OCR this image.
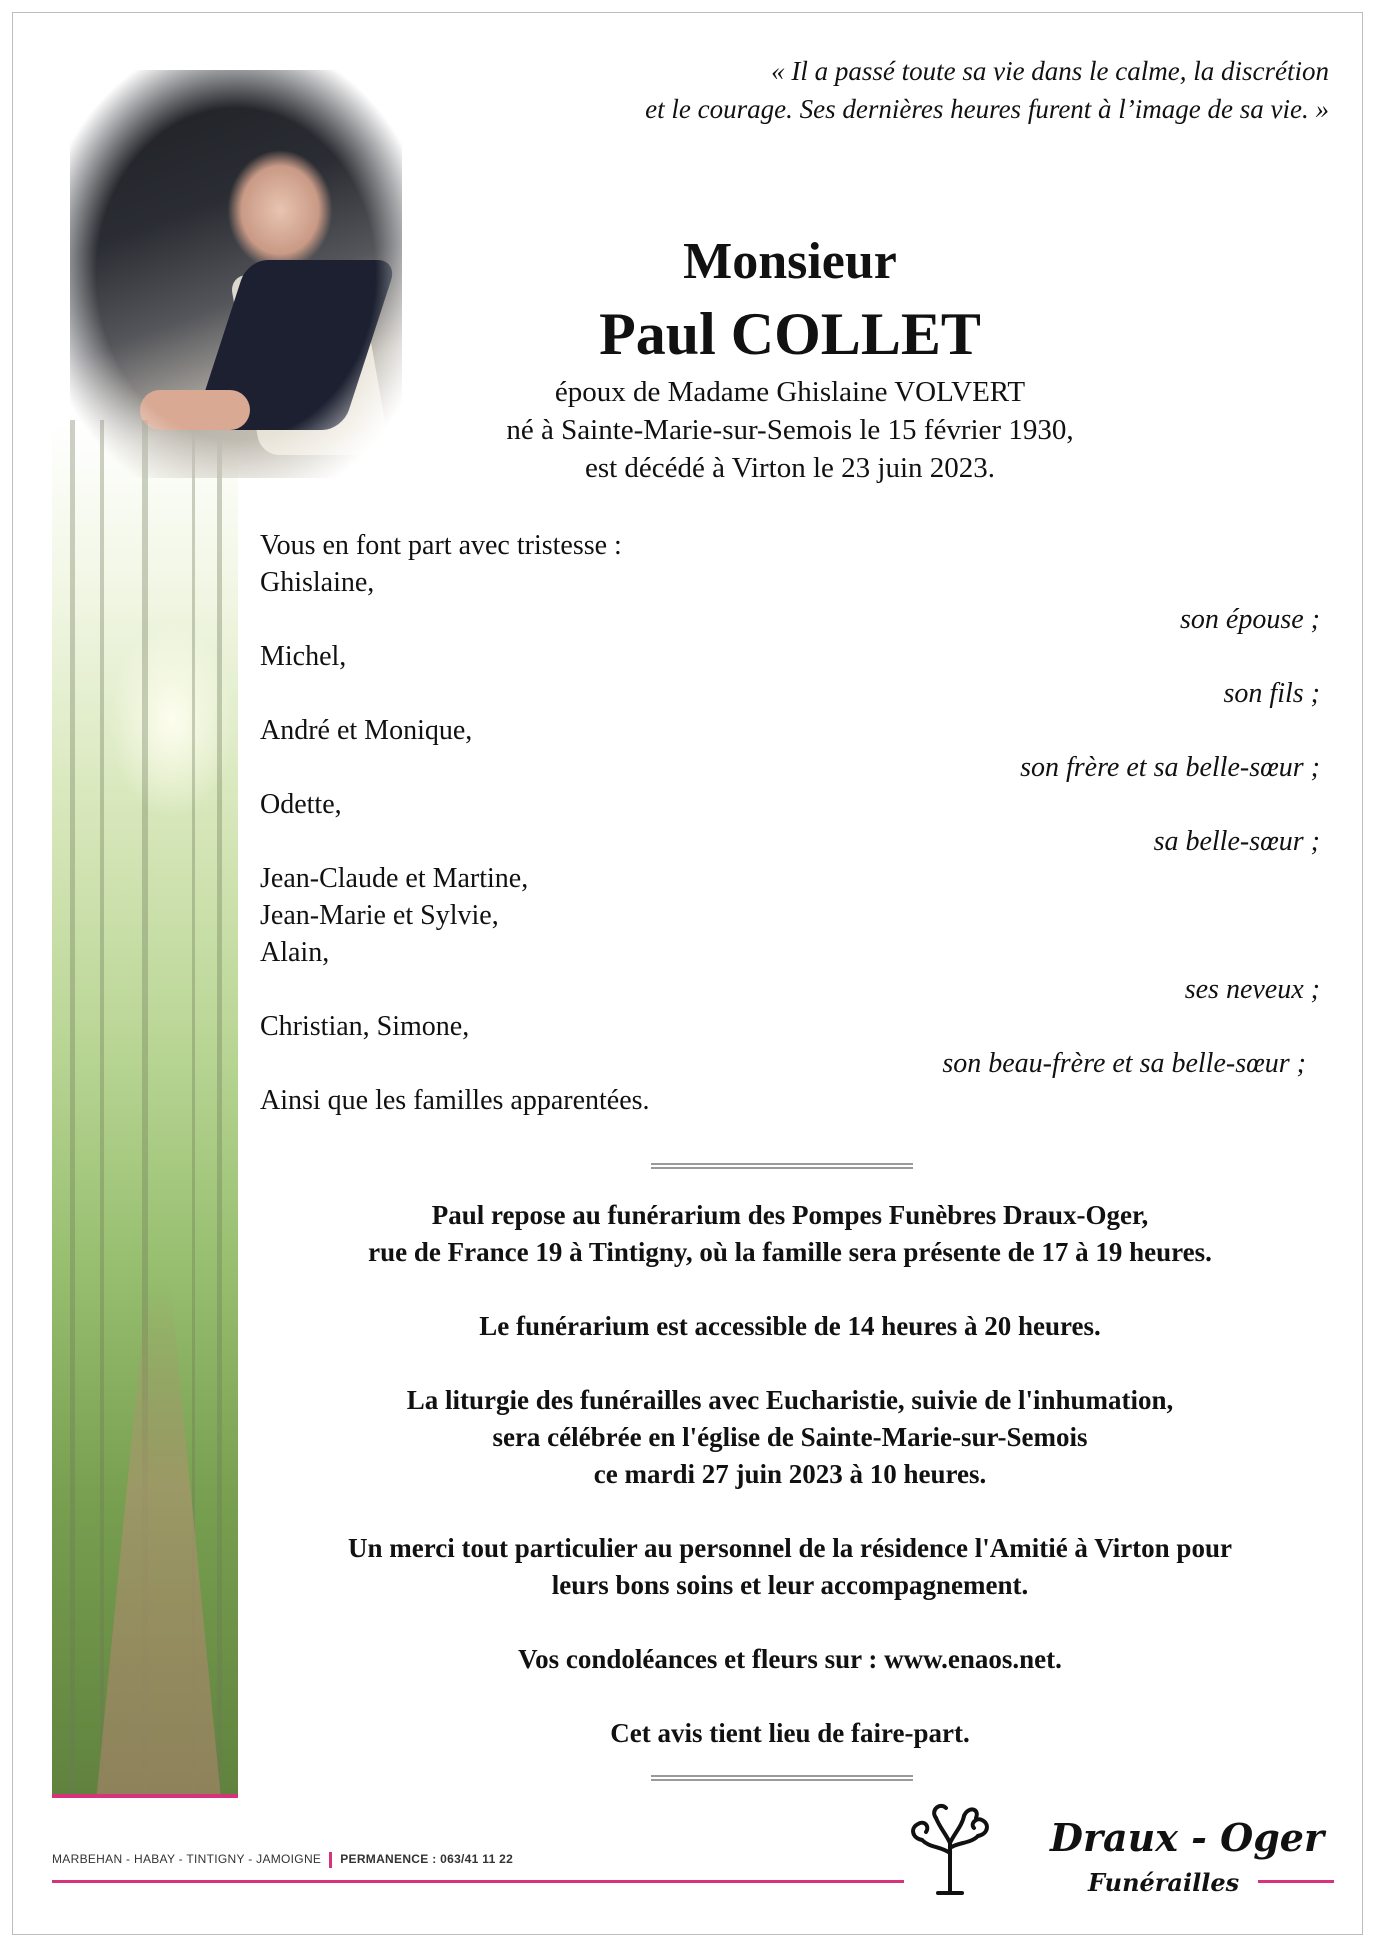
« Il a passé toute sa vie dans le calme, la discrétion
et le courage. Ses dernières heures furent à l’image de sa vie. »
Monsieur
Paul COLLET
époux de Madame Ghislaine VOLVERT
né à Sainte-Marie-sur-Semois le 15 février 1930,
est décédé à Virton le 23 juin 2023.
Vous en font part avec tristesse :
Ghislaine,
son épouse ;
Michel,
son fils ;
André et Monique,
son frère et sa belle-sœur ;
Odette,
sa belle-sœur ;
Jean-Claude et Martine,
Jean-Marie et Sylvie,
Alain,
ses neveux ;
Christian, Simone,
son beau-frère et sa belle-sœur ;
Ainsi que les familles apparentées.
Paul repose au funérarium des Pompes Funèbres Draux-Oger,
rue de France 19 à Tintigny, où la famille sera présente de 17 à 19 heures.
Le funérarium est accessible de 14 heures à 20 heures.
La liturgie des funérailles avec Eucharistie, suivie de l'inhumation,
sera célébrée en l'église de Sainte-Marie-sur-Semois
ce mardi 27 juin 2023 à 10 heures.
Un merci tout particulier au personnel de la résidence l'Amitié à Virton pour
leurs bons soins et leur accompagnement.
Vos condoléances et fleurs sur : www.enaos.net.
Cet avis tient lieu de faire-part.
MARBEHAN - HABAY - TINTIGNY - JAMOIGNE PERMANENCE : 063/41 11 22	Draux - Oger
Funérailles
